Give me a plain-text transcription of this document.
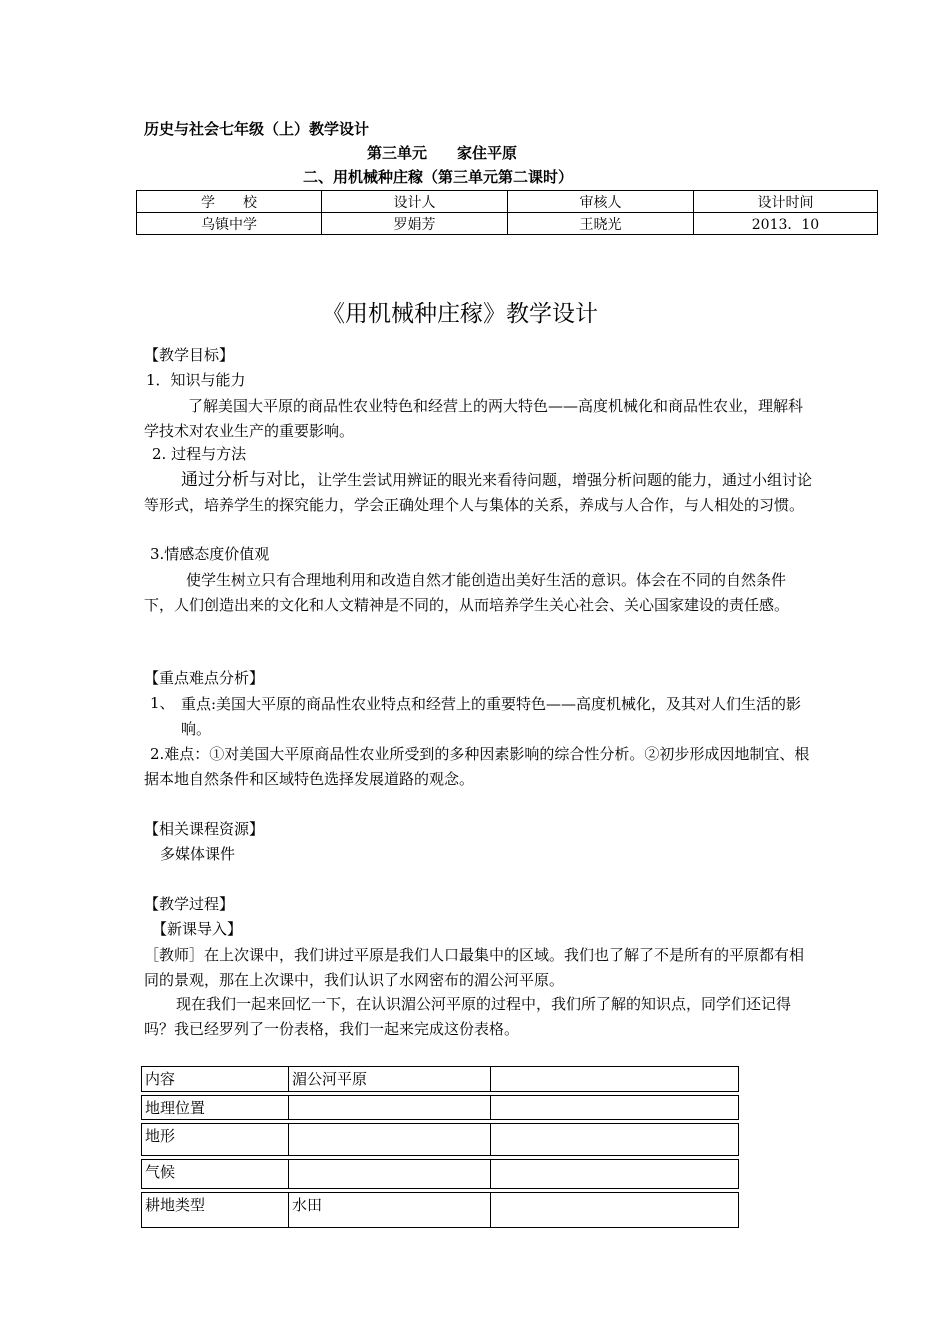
历史与社会七年级（上）教学设计
第三单元　　家住平原
二、用机械种庄稼（第三单元第二课时）
学　　校	设计人	审核人	设计时间
乌镇中学	罗娟芳	王晓光	2013．10
《用机械种庄稼》教学设计
【教学目标】
1．知识与能力
了解美国大平原的商品性农业特色和经营上的两大特色——高度机械化和商品性农业，理解科学技术对农业生产的重要影响。
2. 过程与方法
通过分析与对比，让学生尝试用辨证的眼光来看待问题，增强分析问题的能力，通过小组讨论等形式，培养学生的探究能力，学会正确处理个人与集体的关系，养成与人合作，与人相处的习惯。
3.情感态度价值观
使学生树立只有合理地利用和改造自然才能创造出美好生活的意识。体会在不同的自然条件下，人们创造出来的文化和人文精神是不同的，从而培养学生关心社会、关心国家建设的责任感。
【重点难点分析】
1、 重点:美国大平原的商品性农业特点和经营上的重要特色——高度机械化，及其对人们生活的影响。
2.难点：①对美国大平原商品性农业所受到的多种因素影响的综合性分析。②初步形成因地制宜、根据本地自然条件和区域特色选择发展道路的观念。
【相关课程资源】
多媒体课件
【教学过程】
【新课导入】
［教师］在上次课中，我们讲过平原是我们人口最集中的区域。我们也了解了不是所有的平原都有相同的景观，那在上次课中，我们认识了水网密布的湄公河平原。
现在我们一起来回忆一下，在认识湄公河平原的过程中，我们所了解的知识点，同学们还记得吗？我已经罗列了一份表格，我们一起来完成这份表格。
内容	湄公河平原	
地理位置		
地形		
气候		
耕地类型	水田	
